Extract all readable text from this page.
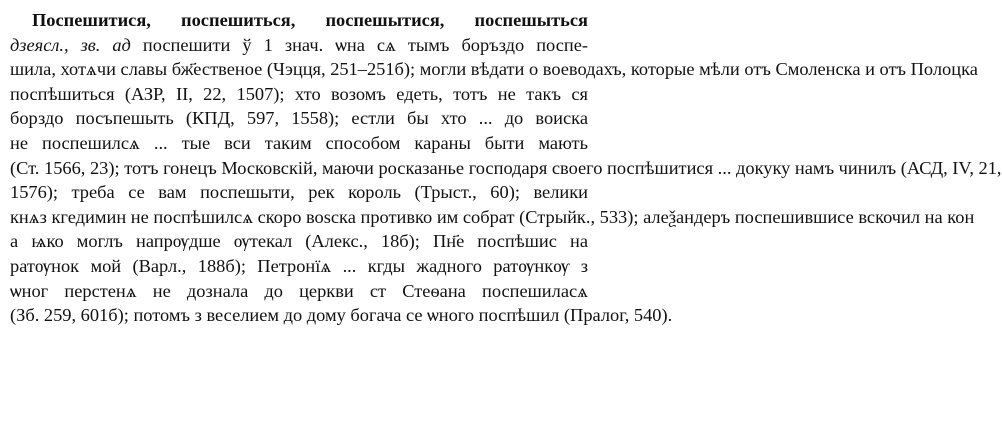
Поспешитися, поспешиться, поспешытися, поспешыться
дзеясл., зв. ад поспешити ў 1 знач. ѡна сѧ тымъ боръздо поспе-
шила, хотѧчи славы бж҃ественое (Чэцця, 251–251б); могли вѣдати о воеводахъ, которые мѣли отъ Смоленска и отъ Полоцка
поспѣшиться (АЗР, II, 22, 1507); хто возомъ едеть, тотъ не такъ ся
борздо посъпешыть (КПД, 597, 1558); естли бы хто ... до воиска
не поспешилсѧ ... тые вси таким способом караны быти мають
(Ст. 1566, 23); тотъ гонецъ Московскій, маючи росказанье господаря своего поспѣшитися ... докуку намъ чинилъ (АСД, IV, 21,
1576); треба се вам поспешыти, рек король (Трыст., 60); велики
кнѧз кгедимин не поспѣшилсѧ скоро воѕска противко им собрат (Стрыйк., 533); алеѯандеръ поспешившисе вскочил на кон
а ѩко моглъ напрѹдше ѹтекал (Алекс., 18б); Пн҃е поспѣшис на
ратѹнок мой (Варл., 188б); Петронїѧ ... кгды жадного ратѹнкѹ з
ѡног перстенѧ не дознала до церкви ст Стеѳана поспешиласѧ
(Зб. 259, 601б); потомъ з веселием до дому богача се ѡного поспѣшил (Пралог, 540).
